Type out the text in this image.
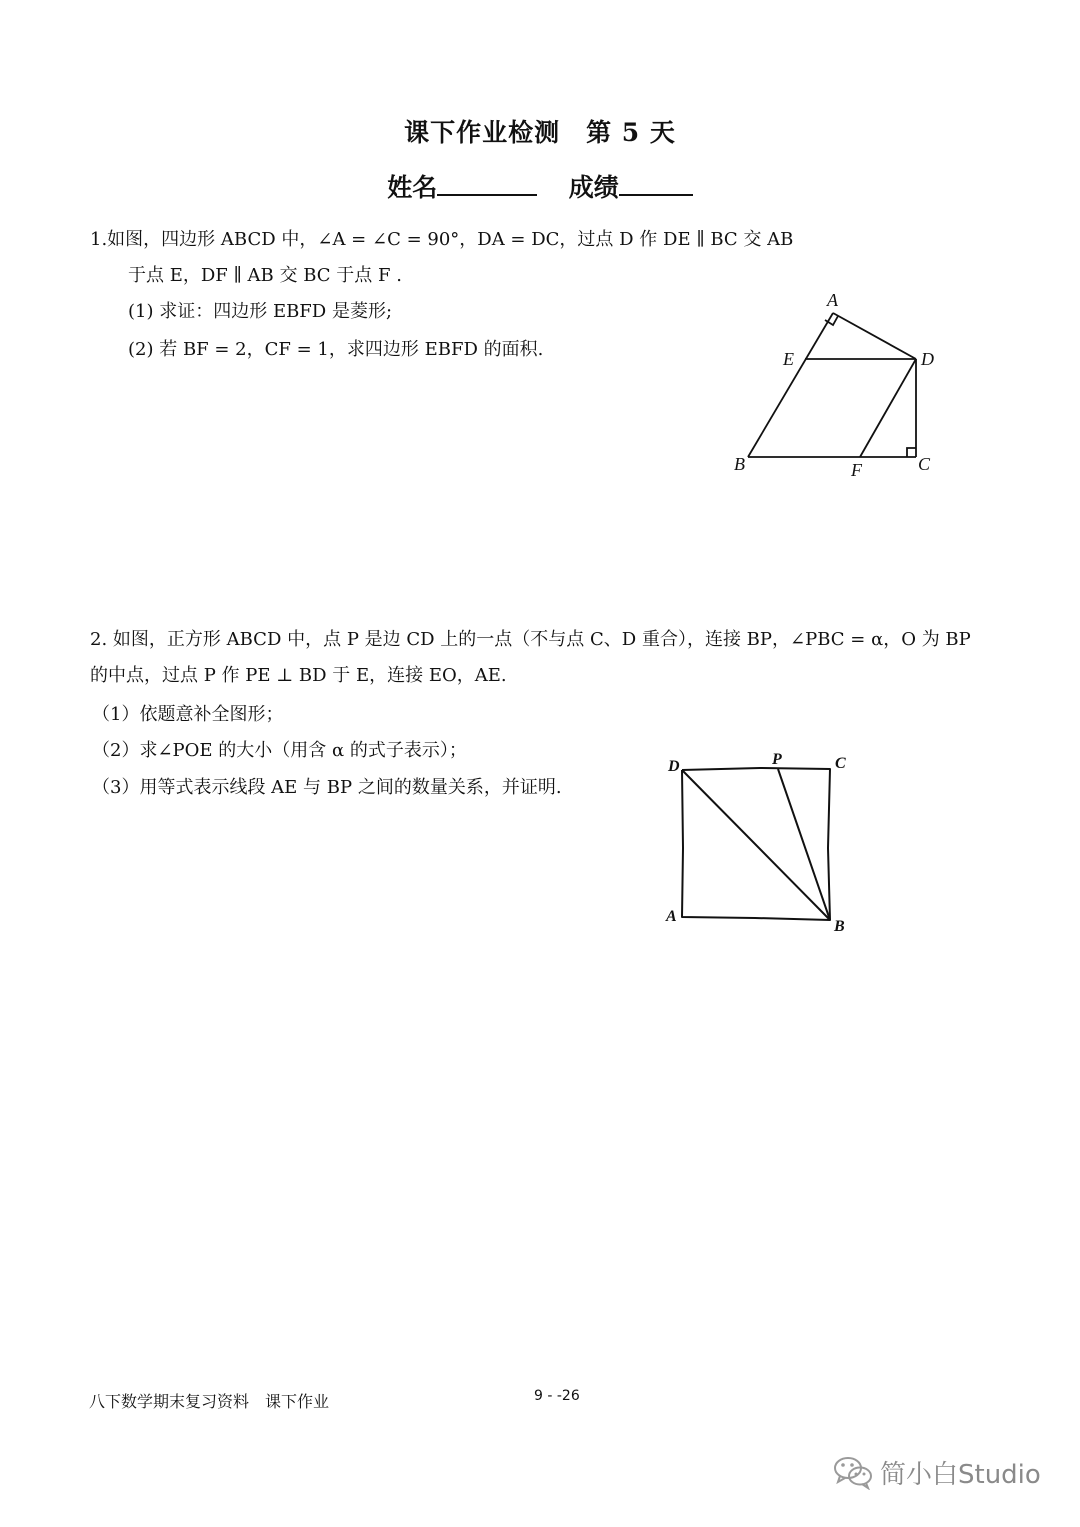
课下作业检测　第 5 天
姓名	成绩
1.如图，四边形 ABCD 中，∠A = ∠C = 90°，DA = DC，过点 D 作 DE ∥ BC 交 AB
于点 E，DF ∥ AB 交 BC 于点 F .
(1) 求证：四边形 EBFD 是菱形;
(2) 若 BF = 2，CF = 1，求四边形 EBFD 的面积.
A
E	D
B	F	C
2. 如图，正方形 ABCD 中，点 P 是边 CD 上的一点（不与点 C、D 重合），连接 BP，∠PBC = α，O 为 BP
的中点，过点 P 作 PE ⊥ BD 于 E，连接 EO，AE.
（1）依题意补全图形；
（2）求∠POE 的大小（用含 α 的式子表示）；
（3）用等式表示线段 AE 与 BP 之间的数量关系，并证明.
D	P	C
A
B
八下数学期末复习资料　课下作业	9 - -26
简小白Studio
